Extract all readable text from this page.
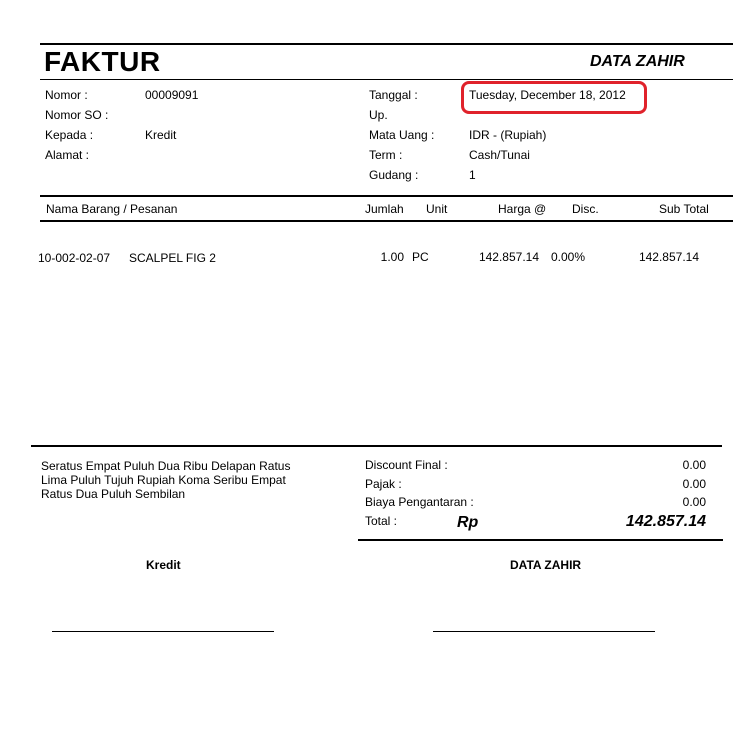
FAKTUR	DATA ZAHIR
Nomor :	00009091
Nomor SO :
Kepada :	Kredit
Alamat :
Tanggal :	Tuesday, December 18, 2012
Up.
Mata Uang :	IDR - (Rupiah)
Term :	Cash/Tunai
Gudang :	1
Nama Barang / Pesanan	Jumlah Unit	Harga @ Disc.	Sub Total
10-002-02-07 SCALPEL FIG 2	1.00 PC	142.857.14 0.00%	142.857.14
Seratus Empat Puluh Dua Ribu Delapan Ratus Lima Puluh Tujuh Rupiah Koma Seribu Empat Ratus Dua Puluh Sembilan
Discount Final :	0.00
Pajak :	0.00
Biaya Pengantaran :	0.00
Total :	Rp	142.857.14
Kredit	DATA ZAHIR
